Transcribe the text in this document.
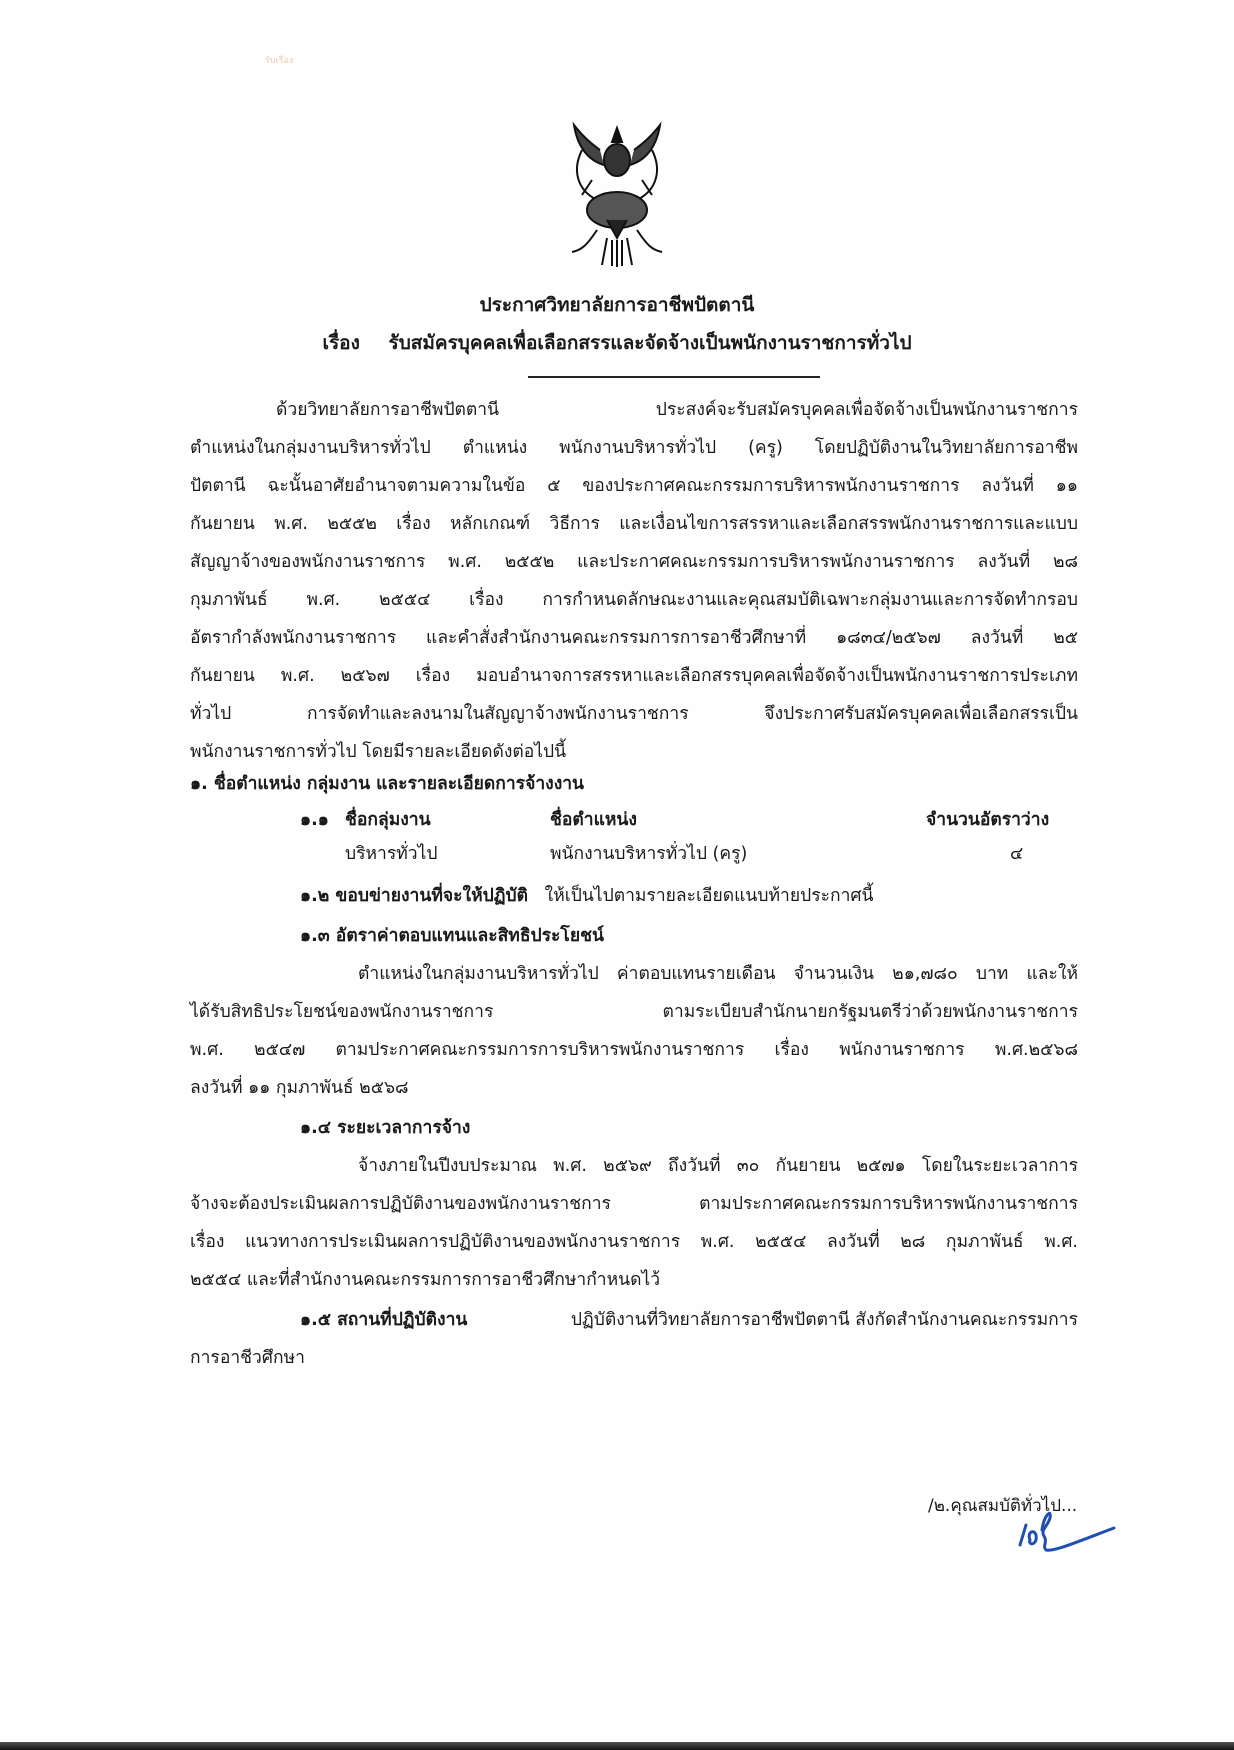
รับเรื่อง
ประกาศวิทยาลัยการอาชีพปัตตานี
เรื่อง รับสมัครบุคคลเพื่อเลือกสรรและจัดจ้างเป็นพนักงานราชการทั่วไป
ด้วยวิทยาลัยการอาชีพปัตตานี ประสงค์จะรับสมัครบุคคลเพื่อจัดจ้างเป็นพนักงานราชการ
ตำแหน่งในกลุ่มงานบริหารทั่วไป ตำแหน่ง พนักงานบริหารทั่วไป (ครู) โดยปฏิบัติงานในวิทยาลัยการอาชีพ
ปัตตานี ฉะนั้นอาศัยอำนาจตามความในข้อ ๕ ของประกาศคณะกรรมการบริหารพนักงานราชการ ลงวันที่ ๑๑
กันยายน พ.ศ. ๒๕๕๒ เรื่อง หลักเกณฑ์ วิธีการ และเงื่อนไขการสรรหาและเลือกสรรพนักงานราชการและแบบ
สัญญาจ้างของพนักงานราชการ พ.ศ. ๒๕๕๒ และประกาศคณะกรรมการบริหารพนักงานราชการ ลงวันที่ ๒๘
กุมภาพันธ์ พ.ศ. ๒๕๕๔ เรื่อง การกำหนดลักษณะงานและคุณสมบัติเฉพาะกลุ่มงานและการจัดทำกรอบ
อัตรากำลังพนักงานราชการ และคำสั่งสำนักงานคณะกรรมการการอาชีวศึกษาที่ ๑๘๓๔/๒๕๖๗ ลงวันที่ ๒๕
กันยายน พ.ศ. ๒๕๖๗ เรื่อง มอบอำนาจการสรรหาและเลือกสรรบุคคลเพื่อจัดจ้างเป็นพนักงานราชการประเภท
ทั่วไป การจัดทำและลงนามในสัญญาจ้างพนักงานราชการ จึงประกาศรับสมัครบุคคลเพื่อเลือกสรรเป็น
พนักงานราชการทั่วไป โดยมีรายละเอียดดังต่อไปนี้
๑. ชื่อตำแหน่ง กลุ่มงาน และรายละเอียดการจ้างงาน
๑.๑ ชื่อกลุ่มงาน	ชื่อตำแหน่ง	จำนวนอัตราว่าง
บริหารทั่วไป	พนักงานบริหารทั่วไป (ครู)	๔
๑.๒ ขอบข่ายงานที่จะให้ปฏิบัติ ให้เป็นไปตามรายละเอียดแนบท้ายประกาศนี้
๑.๓ อัตราค่าตอบแทนและสิทธิประโยชน์
ตำแหน่งในกลุ่มงานบริหารทั่วไป ค่าตอบแทนรายเดือน จำนวนเงิน ๒๑,๗๘๐ บาท และให้
ได้รับสิทธิประโยชน์ของพนักงานราชการ ตามระเบียบสำนักนายกรัฐมนตรีว่าด้วยพนักงานราชการ
พ.ศ. ๒๕๔๗ ตามประกาศคณะกรรมการการบริหารพนักงานราชการ เรื่อง พนักงานราชการ พ.ศ.๒๕๖๘
ลงวันที่ ๑๑ กุมภาพันธ์ ๒๕๖๘
๑.๔ ระยะเวลาการจ้าง
จ้างภายในปีงบประมาณ พ.ศ. ๒๕๖๙ ถึงวันที่ ๓๐ กันยายน ๒๕๗๑ โดยในระยะเวลาการ
จ้างจะต้องประเมินผลการปฏิบัติงานของพนักงานราชการ ตามประกาศคณะกรรมการบริหารพนักงานราชการ
เรื่อง แนวทางการประเมินผลการปฏิบัติงานของพนักงานราชการ พ.ศ. ๒๕๕๔ ลงวันที่ ๒๘ กุมภาพันธ์ พ.ศ.
๒๕๕๔ และที่สำนักงานคณะกรรมการการอาชีวศึกษากำหนดไว้
๑.๕ สถานที่ปฏิบัติงาน	ปฏิบัติงานที่วิทยาลัยการอาชีพปัตตานี สังกัดสำนักงานคณะกรรมการ
การอาชีวศึกษา
/๒.คุณสมบัติทั่วไป...
